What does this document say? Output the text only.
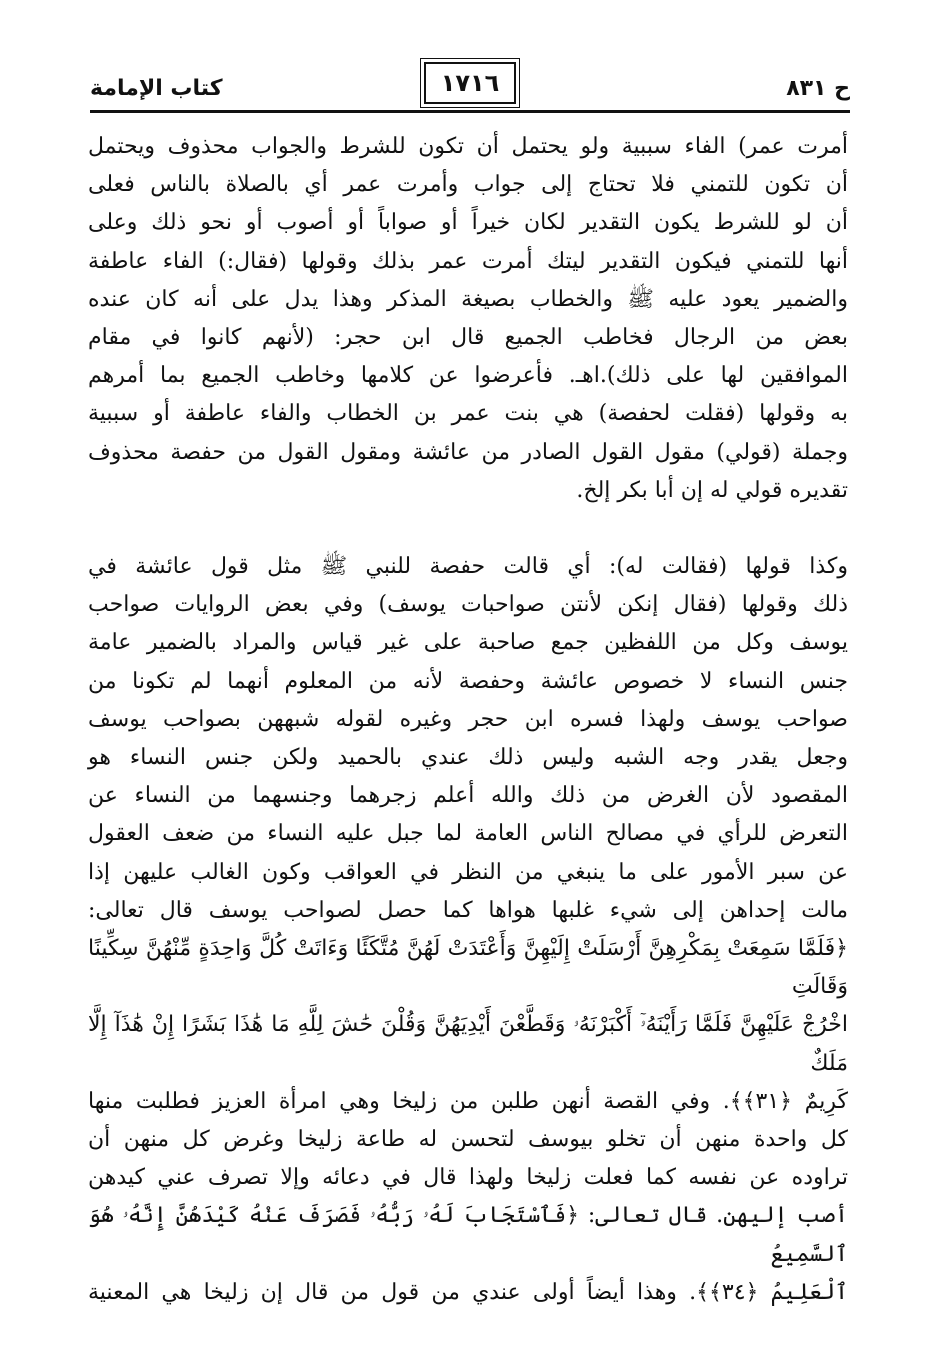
ح ٨٣١
١٧١٦
كتاب الإمامة

أمرت عمر) الفاء سببية ولو يحتمل أن تكون للشرط والجواب محذوف ويحتمل

أن تكون للتمني فلا تحتاج إلى جواب وأمرت عمر أي بالصلاة بالناس فعلى

أن لو للشرط يكون التقدير لكان خيراً أو صواباً أو أصوب أو نحو ذلك وعلى

أنها للتمني فيكون التقدير ليتك أمرت عمر بذلك وقولها (فقال:) الفاء عاطفة

والضمير يعود عليه ﷺ والخطاب بصيغة المذكر وهذا يدل على أنه كان عنده

بعض من الرجال فخاطب الجميع قال ابن حجر: (لأنهم كانوا في مقام

الموافقين لها على ذلك).اهـ. فأعرضوا عن كلامها وخاطب الجميع بما أمرهم

به وقولها (فقلت لحفصة) هي بنت عمر بن الخطاب والفاء عاطفة أو سببية

وجملة (قولي) مقول القول الصادر من عائشة ومقول القول من حفصة محذوف

تقديره قولي له إن أبا بكر إلخ.

وكذا قولها (فقالت له): أي قالت حفصة للنبي ﷺ مثل قول عائشة في

ذلك وقولها (فقال إنكن لأنتن صواحبات يوسف) وفي بعض الروايات صواحب

يوسف وكل من اللفظين جمع صاحبة على غير قياس والمراد بالضمير عامة

جنس النساء لا خصوص عائشة وحفصة لأنه من المعلوم أنهما لم تكونا من

صواحب يوسف ولهذا فسره ابن حجر وغيره لقوله شبههن بصواحب يوسف

وجعل يقدر وجه الشبه وليس ذلك عندي بالحميد ولكن جنس النساء هو

المقصود لأن الغرض من ذلك والله أعلم زجرهما وجنسهما من النساء عن

التعرض للرأي في مصالح الناس العامة لما جبل عليه النساء من ضعف العقول

عن سبر الأمور على ما ينبغي من النظر في العواقب وكون الغالب عليهن إذا

مالت إحداهن إلى شيء غلبها هواها كما حصل لصواحب يوسف قال تعالى:

﴿فَلَمَّا سَمِعَتْ بِمَكْرِهِنَّ أَرْسَلَتْ إِلَيْهِنَّ وَأَعْتَدَتْ لَهُنَّ مُتَّكَئًا وَءَاتَتْ كُلَّ وَاحِدَةٍ مِّنْهُنَّ سِكِّينًا وَقَالَتِ

اخْرُجْ عَلَيْهِنَّ فَلَمَّا رَأَيْنَهُۥٓ أَكْبَرْنَهُۥ وَقَطَّعْنَ أَيْدِيَهُنَّ وَقُلْنَ حَٰشَ لِلَّهِ مَا هَٰذَا بَشَرًا إِنْ هَٰذَآ إِلَّا مَلَكٌ

كَرِيمٌ ﴿٣١﴾﴾. وفي القصة أنهن طلبن من زليخا وهي امرأة العزيز فطلبت منها

كل واحدة منهن أن تخلو بيوسف لتحسن له طاعة زليخا وغرض كل منهن أن

تراوده عن نفسه كما فعلت زليخا ولهذا قال في دعائه وإلا تصرف عني كيدهن

أصب إليهن. قال تعالى: ﴿فَٱسْتَجَابَ لَهُۥ رَبُّهُۥ فَصَرَفَ عَنْهُ كَيْدَهُنَّ إِنَّهُۥ هُوَ ٱلسَّمِيعُ

ٱلْعَلِيمُ ﴿٣٤﴾﴾. وهذا أيضاً أولى عندي من قول من قال إن زليخا هي المعنية
